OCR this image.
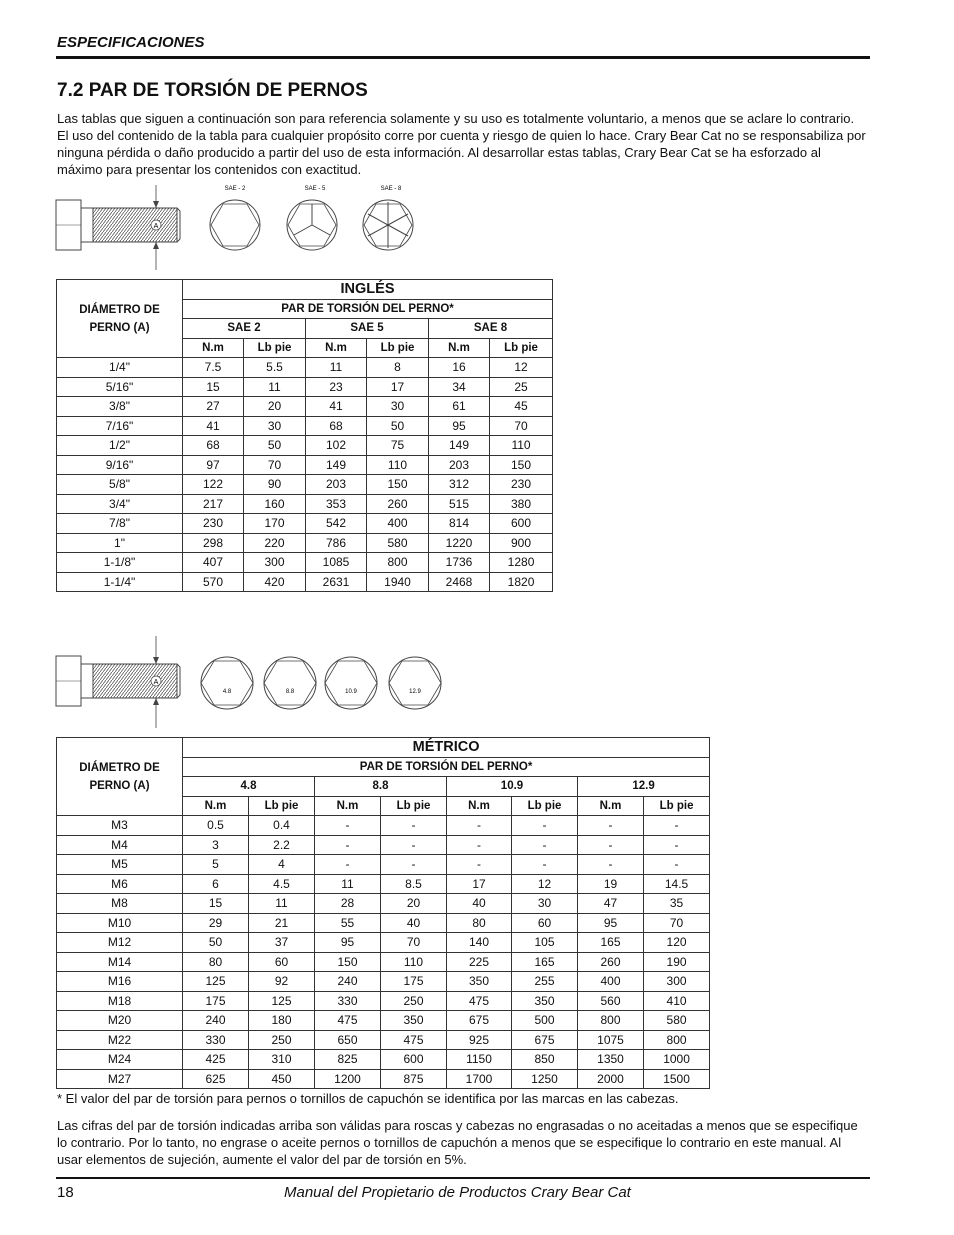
ESPECIFICACIONES
7.2 PAR DE TORSIÓN DE PERNOS
Las tablas que siguen a continuación son para referencia solamente y su uso es totalmente voluntario, a menos que se aclare lo contrario. El uso del contenido de la tabla para cualquier propósito corre por cuenta y riesgo de quien lo hace. Crary Bear Cat no se responsabiliza por ninguna pérdida o daño producido a partir del uso de esta información. Al desarrollar estas tablas, Crary Bear Cat se ha esforzado al máximo para presentar los contenidos con exactitud.
A
SAE - 2	SAE - 5	SAE - 8
DIÁMETRO DE PERNO (A)	INGLÉS					
	PAR DE TORSIÓN DEL PERNO*					
	SAE 2		SAE 5		SAE 8	
	N.m	Lb pie	N.m	Lb pie	N.m	Lb pie
1/4"	7.5	5.5	11	8	16	12
5/16"	15	11	23	17	34	25
3/8"	27	20	41	30	61	45
7/16"	41	30	68	50	95	70
1/2"	68	50	102	75	149	110
9/16"	97	70	149	110	203	150
5/8"	122	90	203	150	312	230
3/4"	217	160	353	260	515	380
7/8"	230	170	542	400	814	600
1"	298	220	786	580	1220	900
1-1/8"	407	300	1085	800	1736	1280
1-1/4"	570	420	2631	1940	2468	1820
A
4.8	8.8	10.9	12.9
DIÁMETRO DE PERNO (A)	MÉTRICO							
	PAR DE TORSIÓN DEL PERNO*							
	4.8		8.8		10.9		12.9	
	N.m	Lb pie	N.m	Lb pie	N.m	Lb pie	N.m	Lb pie
M3	0.5	0.4	-	-	-	-	-	-
M4	3	2.2	-	-	-	-	-	-
M5	5	4	-	-	-	-	-	-
M6	6	4.5	11	8.5	17	12	19	14.5
M8	15	11	28	20	40	30	47	35
M10	29	21	55	40	80	60	95	70
M12	50	37	95	70	140	105	165	120
M14	80	60	150	110	225	165	260	190
M16	125	92	240	175	350	255	400	300
M18	175	125	330	250	475	350	560	410
M20	240	180	475	350	675	500	800	580
M22	330	250	650	475	925	675	1075	800
M24	425	310	825	600	1150	850	1350	1000
M27	625	450	1200	875	1700	1250	2000	1500
* El valor del par de torsión para pernos o tornillos de capuchón se identifica por las marcas en las cabezas.
Las cifras del par de torsión indicadas arriba son válidas para roscas y cabezas no engrasadas o no aceitadas a menos que se especifique lo contrario. Por lo tanto, no engrase o aceite pernos o tornillos de capuchón a menos que se especifique lo contrario en este manual. Al usar elementos de sujeción, aumente el valor del par de torsión en 5%.
18	Manual del Propietario de Productos Crary Bear Cat
